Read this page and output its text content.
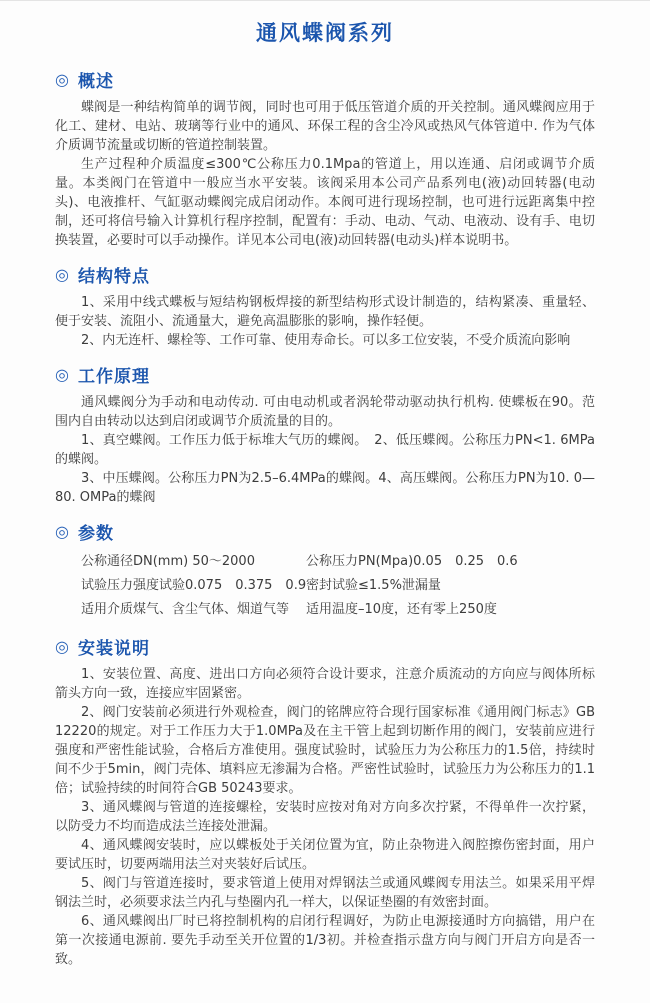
通风蝶阀系列
◎ 概述

蝶阀是一种结构简单的调节阀，同时也可用于低压管道介质的开关控制。通风蝶阀应用于化工、建材、电站、玻璃等行业中的通风、环保工程的含尘冷风或热风气体管道中. 作为气体介质调节流量或切断的管道控制装置。

生产过程种介质温度≤300℃公称压力0.1Mpa的管道上，用以连通、启闭或调节介质量。本类阀门在管道中一般应当水平安装。该阀采用本公司产品系列电(液)动回转器(电动头)、电液推杆、气缸驱动蝶阀完成启闭动作。本阀可进行现场控制，也可进行远距离集中控制，还可将信号输入计算机行程序控制，配置有：手动、电动、气动、电液动、设有手、电切换装置，必要时可以手动操作。详见本公司电(液)动回转器(电动头)样本说明书。

◎ 结构特点

1、采用中线式蝶板与短结构钢板焊接的新型结构形式设计制造的，结构紧凑、重量轻、便于安装、流阻小、流通量大，避免高温膨胀的影响，操作轻便。

2、内无连杆、螺栓等、工作可靠、使用寿命长。可以多工位安装，不受介质流向影响

◎ 工作原理

通风蝶阀分为手动和电动传动. 可由电动机或者涡轮带动驱动执行机构. 使蝶板在90。范围内自由转动以达到启闭或调节介质流量的目的。

1、真空蝶阀。工作压力低于标堆大气历的蝶阀。　2、低压蝶阀。公称压力PN<1. 6MPa的蝶阀。

3、中压蝶阀。公称压力PN为2.5–6.4MPa的蝶阀。4、高压蝶阀。公称压力PN为10. 0—80. OMPa的蝶阀

◎ 参数

公称通径DN(mm) 50～2000

试验压力强度试验0.075　0.375　0.9

适用介质煤气、含尘气体、烟道气等

公称压力PN(Mpa)0.05　0.25　0.6

密封试验≤1.5%泄漏量

适用温度–10度，还有零上250度

◎ 安装说明

1、安装位置、高度、进出口方向必须符合设计要求，注意介质流动的方向应与阀体所标箭头方向一致，连接应牢固紧密。

2、阀门安装前必须进行外观检查，阀门的铭牌应符合现行国家标准《通用阀门标志》GB 12220的规定。对于工作压力大于1.0MPa及在主干管上起到切断作用的阀门，安装前应进行强度和严密性能试验，合格后方准使用。强度试验时，试验压力为公称压力的1.5倍，持续时间不少于5min，阀门壳体、填料应无渗漏为合格。严密性试验时，试验压力为公称压力的1.1倍；试验持续的时间符合GB 50243要求。

3、通风蝶阀与管道的连接螺栓，安装时应按对角对方向多次拧紧，不得单件一次拧紧，以防受力不均而造成法兰连接处泄漏。

4、通风蝶阀安装时，应以蝶板处于关闭位置为宜，防止杂物进入阀腔擦伤密封面，用户要试压时，切要两端用法兰对夹装好后试压。

5、阀门与管道连接时，要求管道上使用对焊钢法兰或通风蝶阀专用法兰。如果采用平焊钢法兰时，必须要求法兰内孔与垫圈内孔一样大，以保证垫圈的有效密封面。

6、通风蝶阀出厂时已将控制机构的启闭行程调好，为防止电源接通时方向搞错，用户在第一次接通电源前. 要先手动至关开位置的1/3初。并检查指示盘方向与阀门开启方向是否一致。
